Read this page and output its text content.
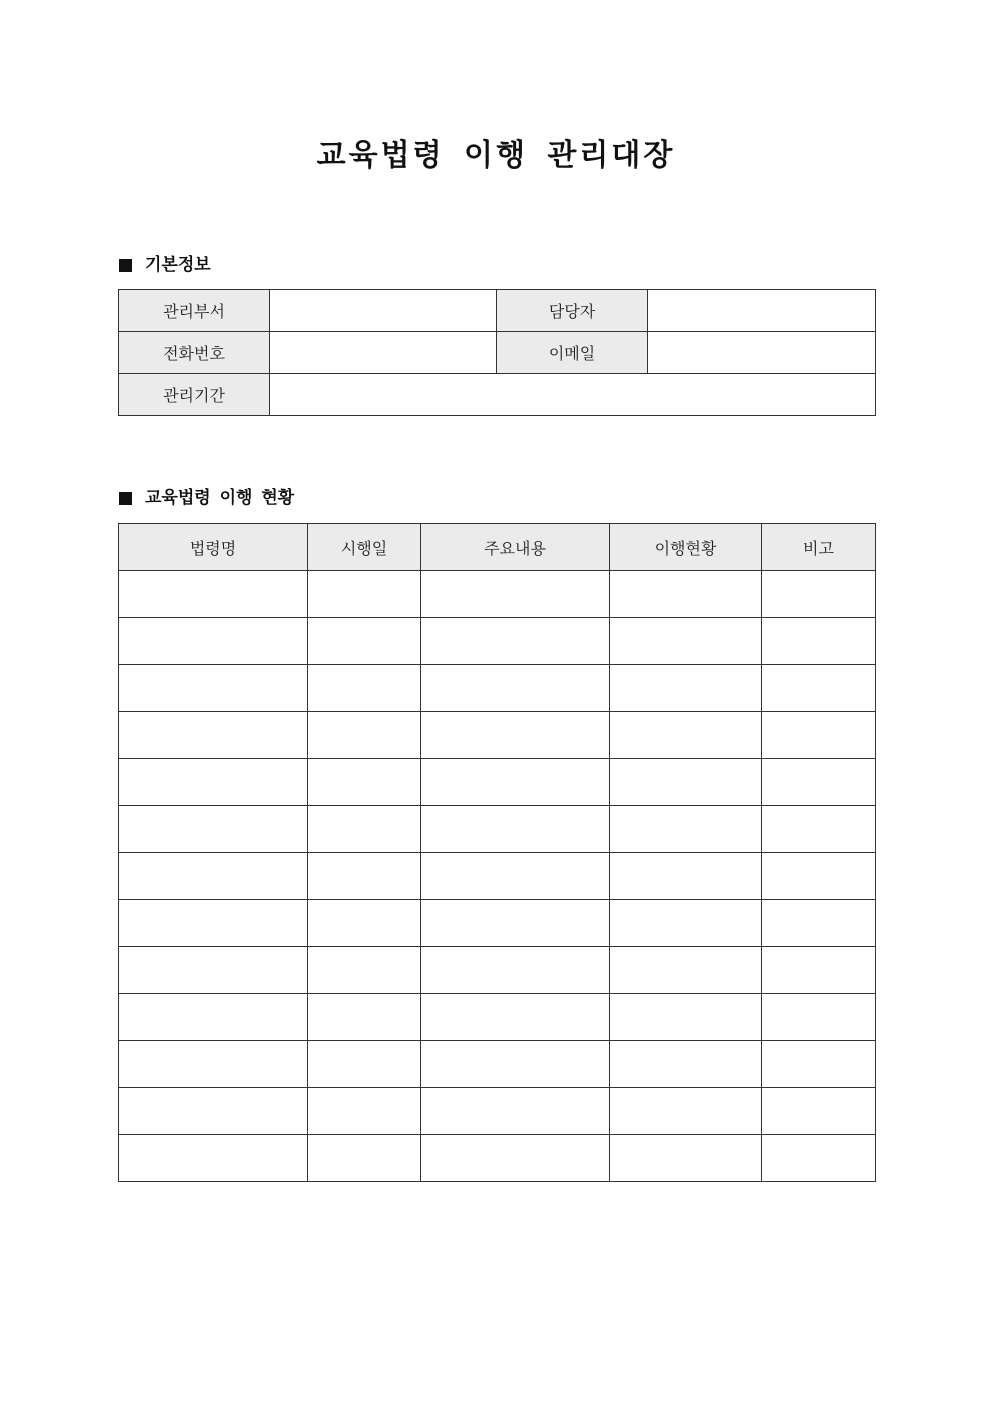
교육법령 이행 관리대장
기본정보
관리부서		담당자	
전화번호		이메일	
관리기간			
교육법령 이행 현황
법령명	시행일	주요내용	이행현황	비고
